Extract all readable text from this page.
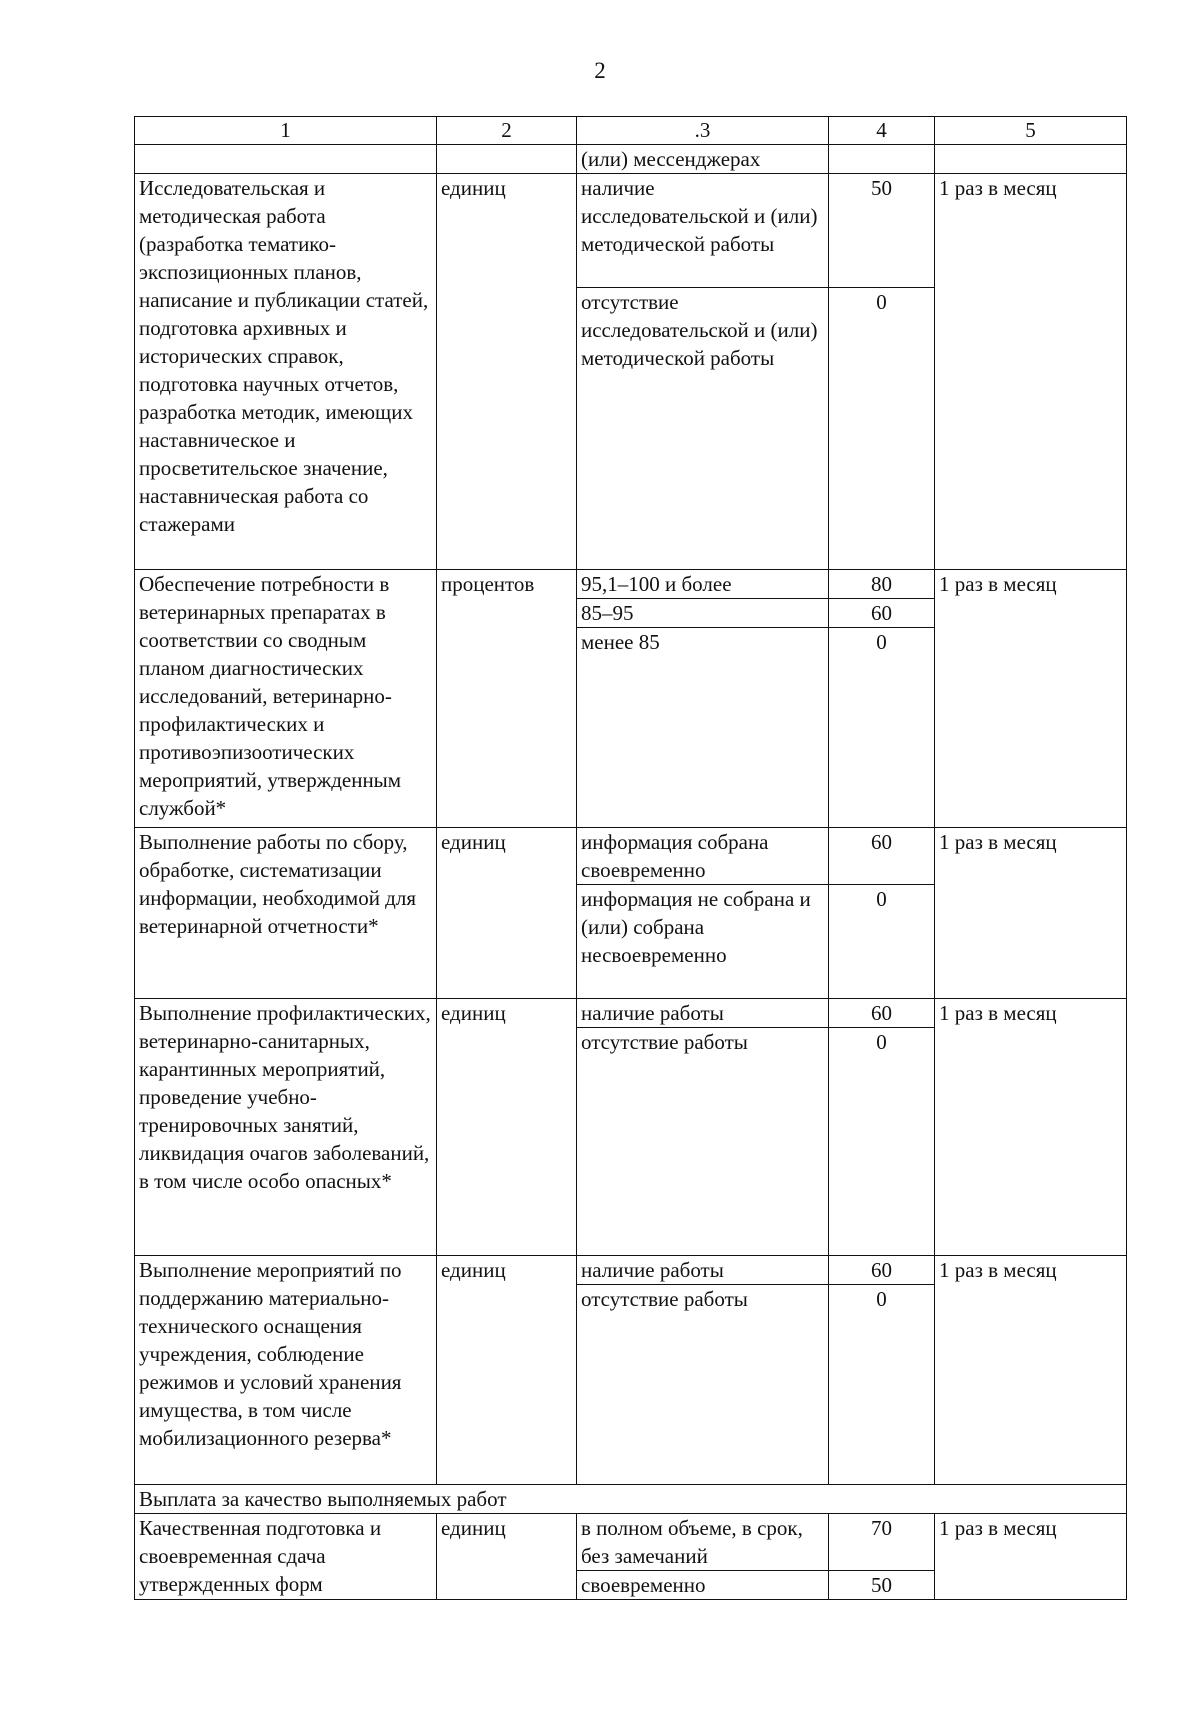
2
1	2	.3	4	5
		(или) мессенджерах		
Исследовательская и методическая работа (разработка тематико-экспозиционных планов, написание и публикации статей, подготовка архивных и исторических справок, подготовка научных отчетов, разработка методик, имеющих наставническое и просветительское значение, наставническая работа со стажерами	единиц	наличие исследовательской и (или) методической работы	50	1 раз в месяц
		отсутствие исследовательской и (или) методической работы	0	
Обеспечение потребности в ветеринарных препаратах в соответствии со сводным планом диагностических исследований, ветеринарно-профилактических и противоэпизоотических мероприятий, утвержденным службой*	процентов	95,1–100 и более	80	1 раз в месяц
		85–95	60	
		менее 85	0	
Выполнение работы по сбору, обработке, систематизации информации, необходимой для ветеринарной отчетности*	единиц	информация собрана своевременно	60	1 раз в месяц
		информация не собрана и (или) собрана несвоевременно	0	
Выполнение профилактических, ветеринарно-санитарных, карантинных мероприятий, проведение учебно-тренировочных занятий, ликвидация очагов заболеваний, в том числе особо опасных*	единиц	наличие работы	60	1 раз в месяц
		отсутствие работы	0	
Выполнение мероприятий по поддержанию материально-технического оснащения учреждения, соблюдение режимов и условий хранения имущества, в том числе мобилизационного резерва*	единиц	наличие работы	60	1 раз в месяц
		отсутствие работы	0	
Выплата за качество выполняемых работ				
Качественная подготовка и своевременная сдача утвержденных форм	единиц	в полном объеме, в срок, без замечаний	70	1 раз в месяц
		своевременно	50	
